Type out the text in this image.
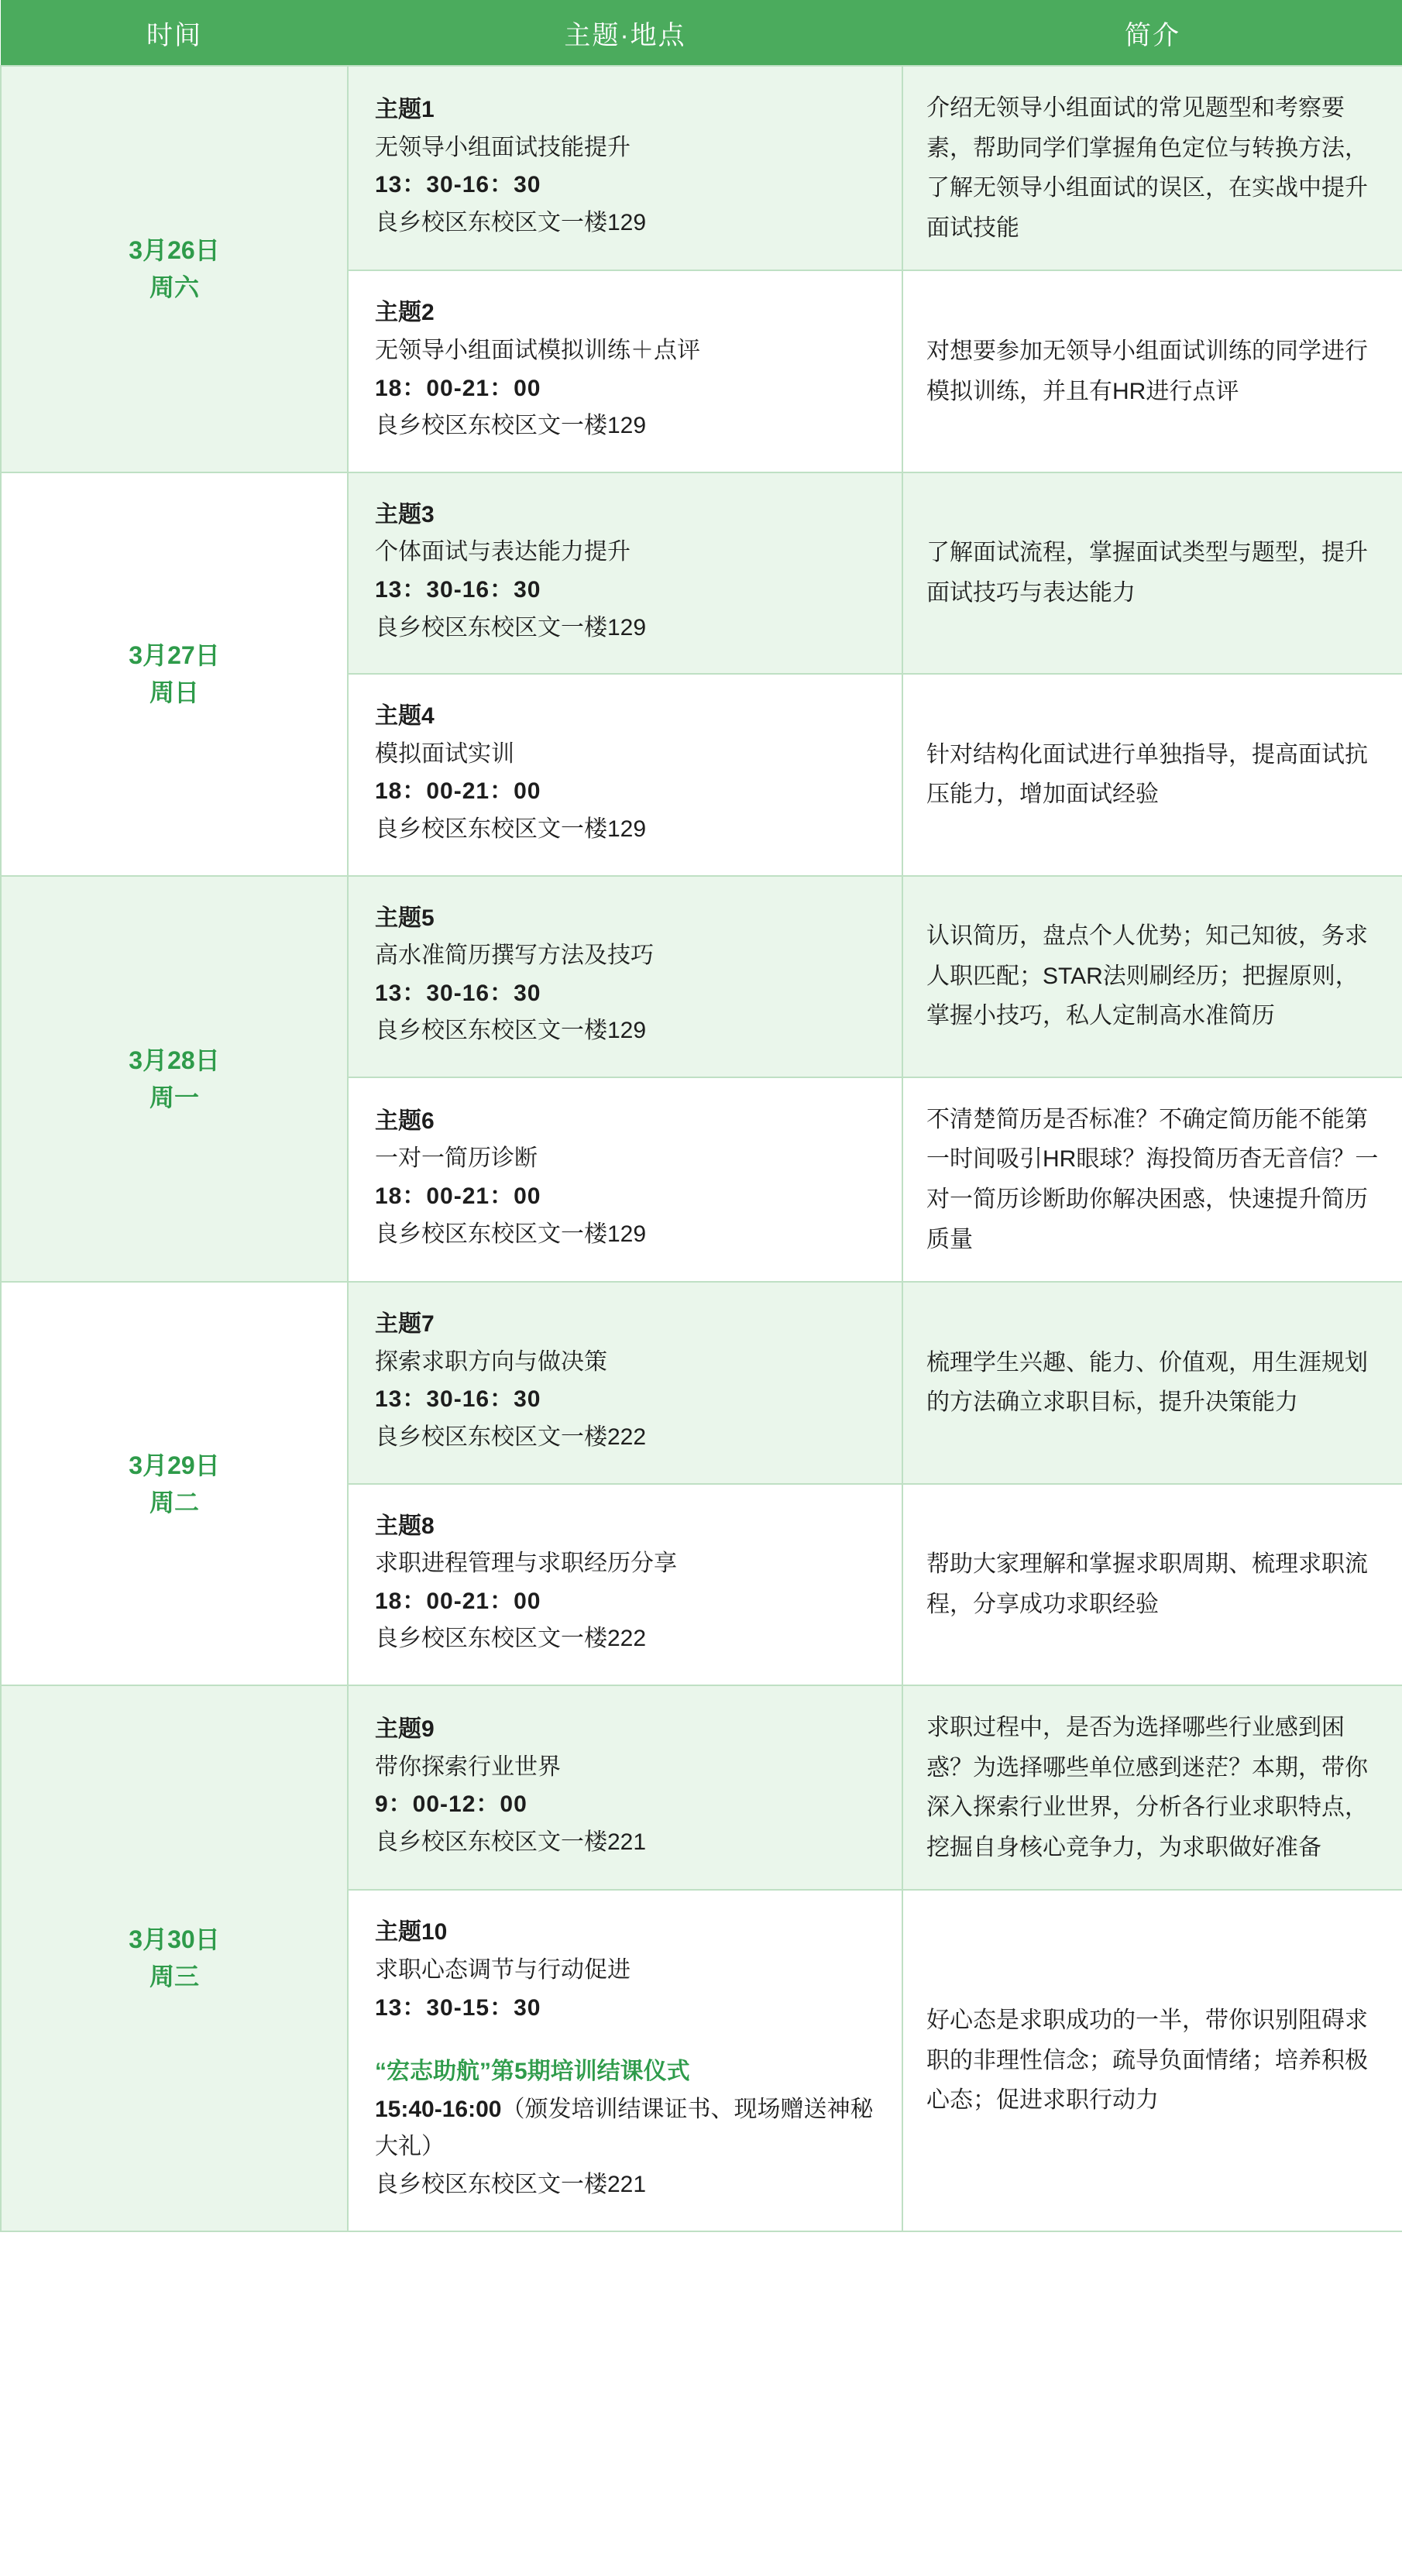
时间	主题·地点	简介

3月26日
周六	主题1
无领导小组面试技能提升
13：30-16：30
良乡校区东校区文一楼129	介绍无领导小组面试的常见题型和考察要素，帮助同学们掌握角色定位与转换方法，了解无领导小组面试的误区，在实战中提升面试技能

	主题2
无领导小组面试模拟训练＋点评
18：00-21：00
良乡校区东校区文一楼129	对想要参加无领导小组面试训练的同学进行模拟训练，并且有HR进行点评

3月27日
周日	主题3
个体面试与表达能力提升
13：30-16：30
良乡校区东校区文一楼129	了解面试流程，掌握面试类型与题型，提升面试技巧与表达能力

	主题4
模拟面试实训
18：00-21：00
良乡校区东校区文一楼129	针对结构化面试进行单独指导，提高面试抗压能力，增加面试经验

3月28日
周一	主题5
高水准简历撰写方法及技巧
13：30-16：30
良乡校区东校区文一楼129	认识简历，盘点个人优势；知己知彼，务求人职匹配；STAR法则刷经历；把握原则，掌握小技巧，私人定制高水准简历

	主题6
一对一简历诊断
18：00-21：00
良乡校区东校区文一楼129	不清楚简历是否标准？不确定简历能不能第一时间吸引HR眼球？海投简历杳无音信？一对一简历诊断助你解决困惑，快速提升简历质量

3月29日
周二	主题7
探索求职方向与做决策
13：30-16：30
良乡校区东校区文一楼222	梳理学生兴趣、能力、价值观，用生涯规划的方法确立求职目标，提升决策能力

	主题8
求职进程管理与求职经历分享
18：00-21：00
良乡校区东校区文一楼222	帮助大家理解和掌握求职周期、梳理求职流程，分享成功求职经验

3月30日
周三	主题9
带你探索行业世界
9：00-12：00
良乡校区东校区文一楼221	求职过程中，是否为选择哪些行业感到困惑？为选择哪些单位感到迷茫？本期，带你深入探索行业世界，分析各行业求职特点，挖掘自身核心竞争力，为求职做好准备

主题10
求职心态调节与行动促进
13：30-15：30
“宏志助航”第5期培训结课仪式
15:40-16:00（颁发培训结课证书、现场赠送神秘大礼）
良乡校区东校区文一楼221
	好心态是求职成功的一半，带你识别阻碍求职的非理性信念；疏导负面情绪；培养积极心态；促进求职行动力
